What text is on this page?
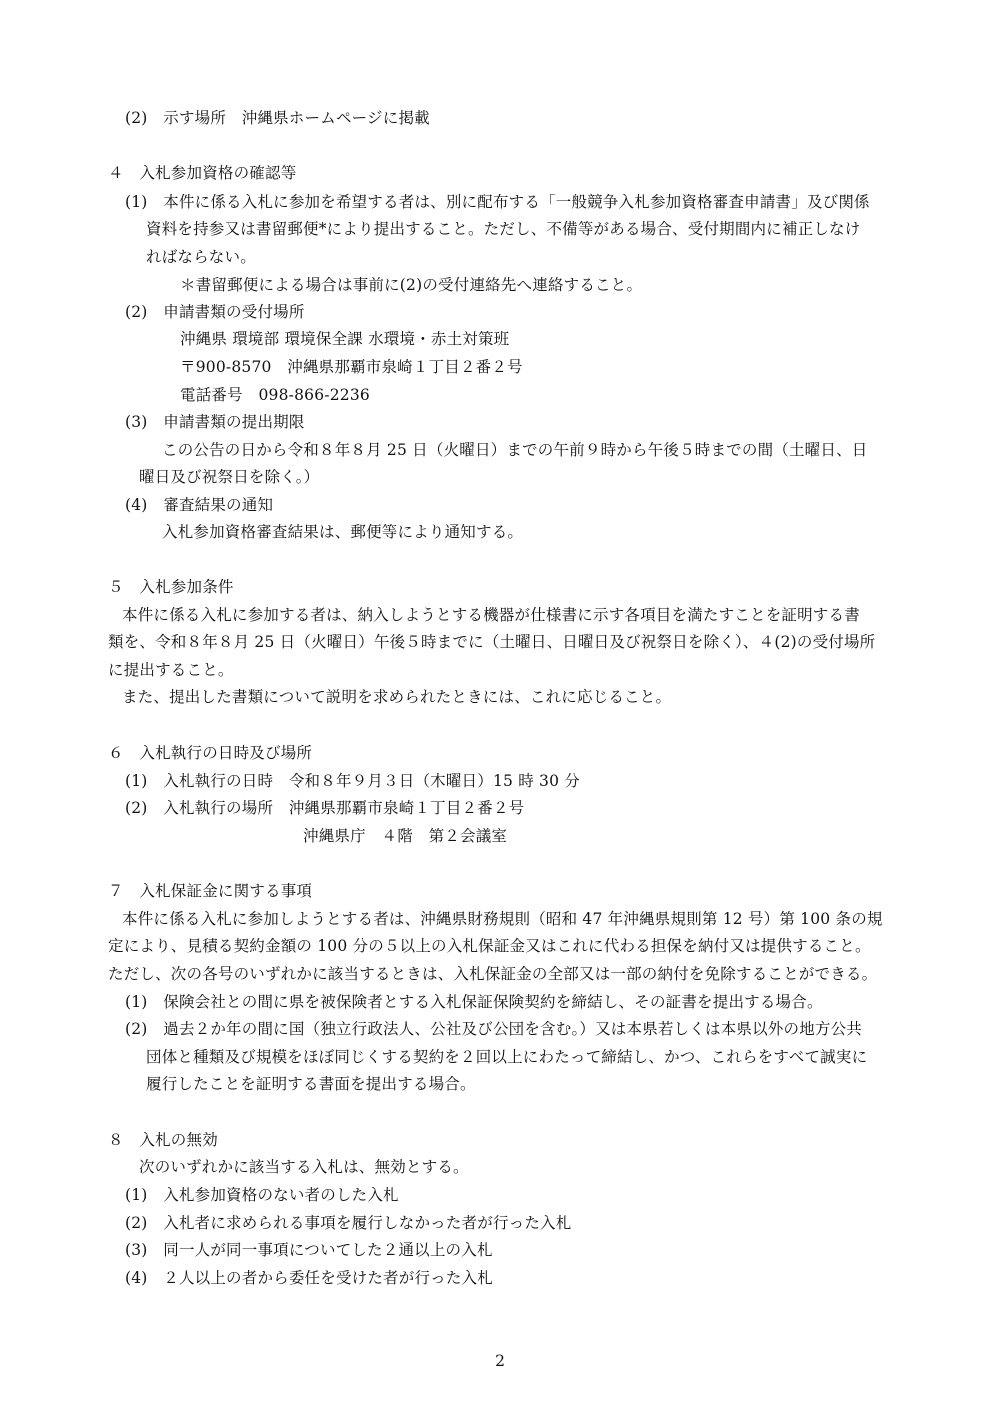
(2)　示す場所　沖縄県ホームページに掲載
４　入札参加資格の確認等
(1)　本件に係る入札に参加を希望する者は、別に配布する「一般競争入札参加資格審査申請書」及び関係
資料を持参又は書留郵便*により提出すること。ただし、不備等がある場合、受付期間内に補正しなけ
ればならない。
＊書留郵便による場合は事前に(2)の受付連絡先へ連絡すること。
(2)　申請書類の受付場所
沖縄県 環境部 環境保全課 水環境・赤土対策班
〒900-8570　沖縄県那覇市泉崎１丁目２番２号
電話番号　098-866-2236
(3)　申請書類の提出期限
この公告の日から令和８年８月 25 日（火曜日）までの午前９時から午後５時までの間（土曜日、日
曜日及び祝祭日を除く。）
(4)　審査結果の通知
入札参加資格審査結果は、郵便等により通知する。
５　入札参加条件
本件に係る入札に参加する者は、納入しようとする機器が仕様書に示す各項目を満たすことを証明する書
類を、令和８年８月 25 日（火曜日）午後５時までに（土曜日、日曜日及び祝祭日を除く）、４(2)の受付場所
に提出すること。
また、提出した書類について説明を求められたときには、これに応じること。
６　入札執行の日時及び場所
(1)　入札執行の日時　令和８年９月３日（木曜日）15 時 30 分
(2)　入札執行の場所　沖縄県那覇市泉崎１丁目２番２号
沖縄県庁　４階　第２会議室
７　入札保証金に関する事項
本件に係る入札に参加しようとする者は、沖縄県財務規則（昭和 47 年沖縄県規則第 12 号）第 100 条の規
定により、見積る契約金額の 100 分の５以上の入札保証金又はこれに代わる担保を納付又は提供すること。
ただし、次の各号のいずれかに該当するときは、入札保証金の全部又は一部の納付を免除することができる。
(1)　保険会社との間に県を被保険者とする入札保証保険契約を締結し、その証書を提出する場合。
(2)　過去２か年の間に国（独立行政法人、公社及び公団を含む。）又は本県若しくは本県以外の地方公共
団体と種類及び規模をほぼ同じくする契約を２回以上にわたって締結し、かつ、これらをすべて誠実に
履行したことを証明する書面を提出する場合。
８　入札の無効
次のいずれかに該当する入札は、無効とする。
(1)　入札参加資格のない者のした入札
(2)　入札者に求められる事項を履行しなかった者が行った入札
(3)　同一人が同一事項についてした２通以上の入札
(4)　２人以上の者から委任を受けた者が行った入札
2
